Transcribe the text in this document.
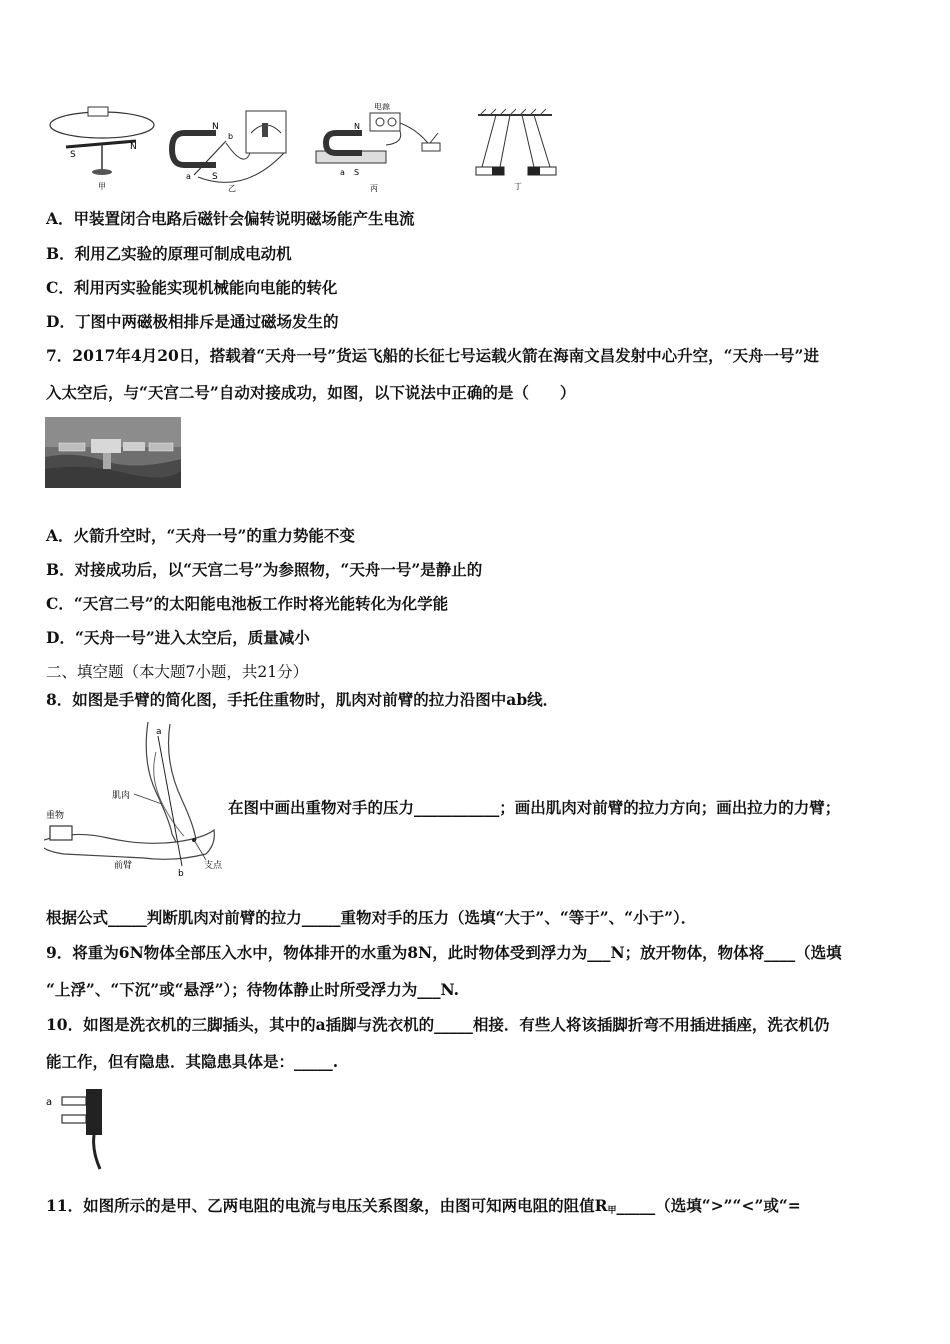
S
N
甲
N
S
a
b
乙
电源
N
S
a
丙	丁
A．甲装置闭合电路后磁针会偏转说明磁场能产生电流
B．利用乙实验的原理可制成电动机
C．利用丙实验能实现机械能向电能的转化
D．丁图中两磁极相排斥是通过磁场发生的
7．2017年4月20日，搭载着“天舟一号”货运飞船的长征七号运载火箭在海南文昌发射中心升空，“天舟一号”进
入太空后，与“天宫二号”自动对接成功，如图，以下说法中正确的是（　　）
A．火箭升空时，“天舟一号”的重力势能不变
B．对接成功后，以“天宫二号”为参照物，“天舟一号”是静止的
C．“天宫二号”的太阳能电池板工作时将光能转化为化学能
D．“天舟一号”进入太空后，质量减小
二、填空题（本大题7小题，共21分）
8．如图是手臂的简化图，手托住重物时，肌肉对前臂的拉力沿图中ab线．
a
b
重物
肌肉
前臂	支点
在图中画出重物对手的压力___________；画出肌肉对前臂的拉力方向；画出拉力的力臂；
根据公式_____判断肌肉对前臂的拉力_____重物对手的压力（选填“大于”、“等于”、“小于”）．
9．将重为6N物体全部压入水中，物体排开的水重为8N，此时物体受到浮力为___N；放开物体，物体将____（选填
“上浮”、“下沉”或“悬浮”）；待物体静止时所受浮力为___N.
10．如图是洗衣机的三脚插头，其中的a插脚与洗衣机的_____相接．有些人将该插脚折弯不用插进插座，洗衣机仍
能工作，但有隐患．其隐患具体是：_____.
a
11．如图所示的是甲、乙两电阻的电流与电压关系图象，由图可知两电阻的阻值R甲_____（选填“>”“<”或“=
